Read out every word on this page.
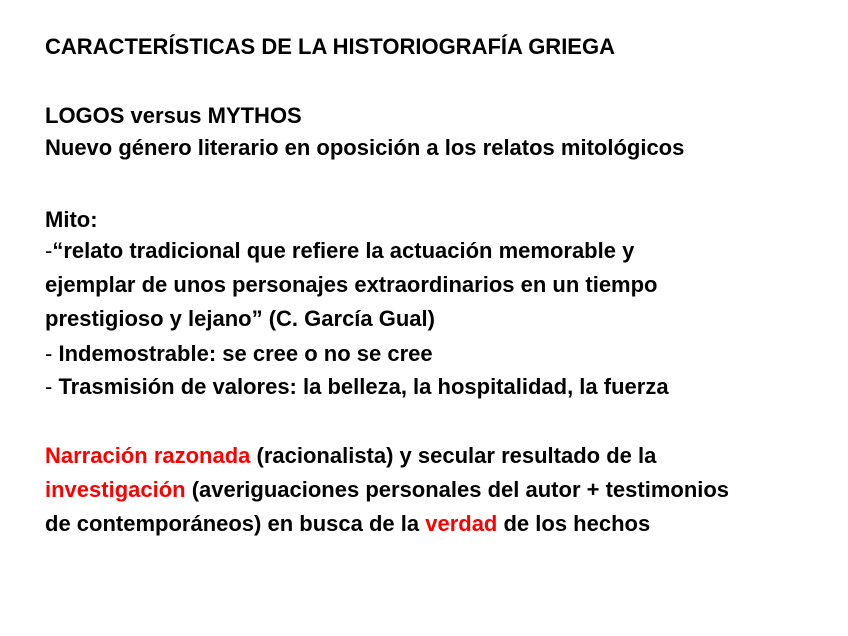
CARACTERÍSTICAS DE LA HISTORIOGRAFÍA GRIEGA
LOGOS versus MYTHOS
Nuevo género literario en oposición a los relatos mitológicos
Mito:
-“relato tradicional que refiere la actuación memorable y
ejemplar de unos personajes extraordinarios en un tiempo
prestigioso y lejano” (C. García Gual)
- Indemostrable: se cree o no se cree
- Trasmisión de valores: la belleza, la hospitalidad, la fuerza
Narración razonada (racionalista) y secular resultado de la
investigación (averiguaciones personales del autor + testimonios
de contemporáneos) en busca de la verdad de los hechos
